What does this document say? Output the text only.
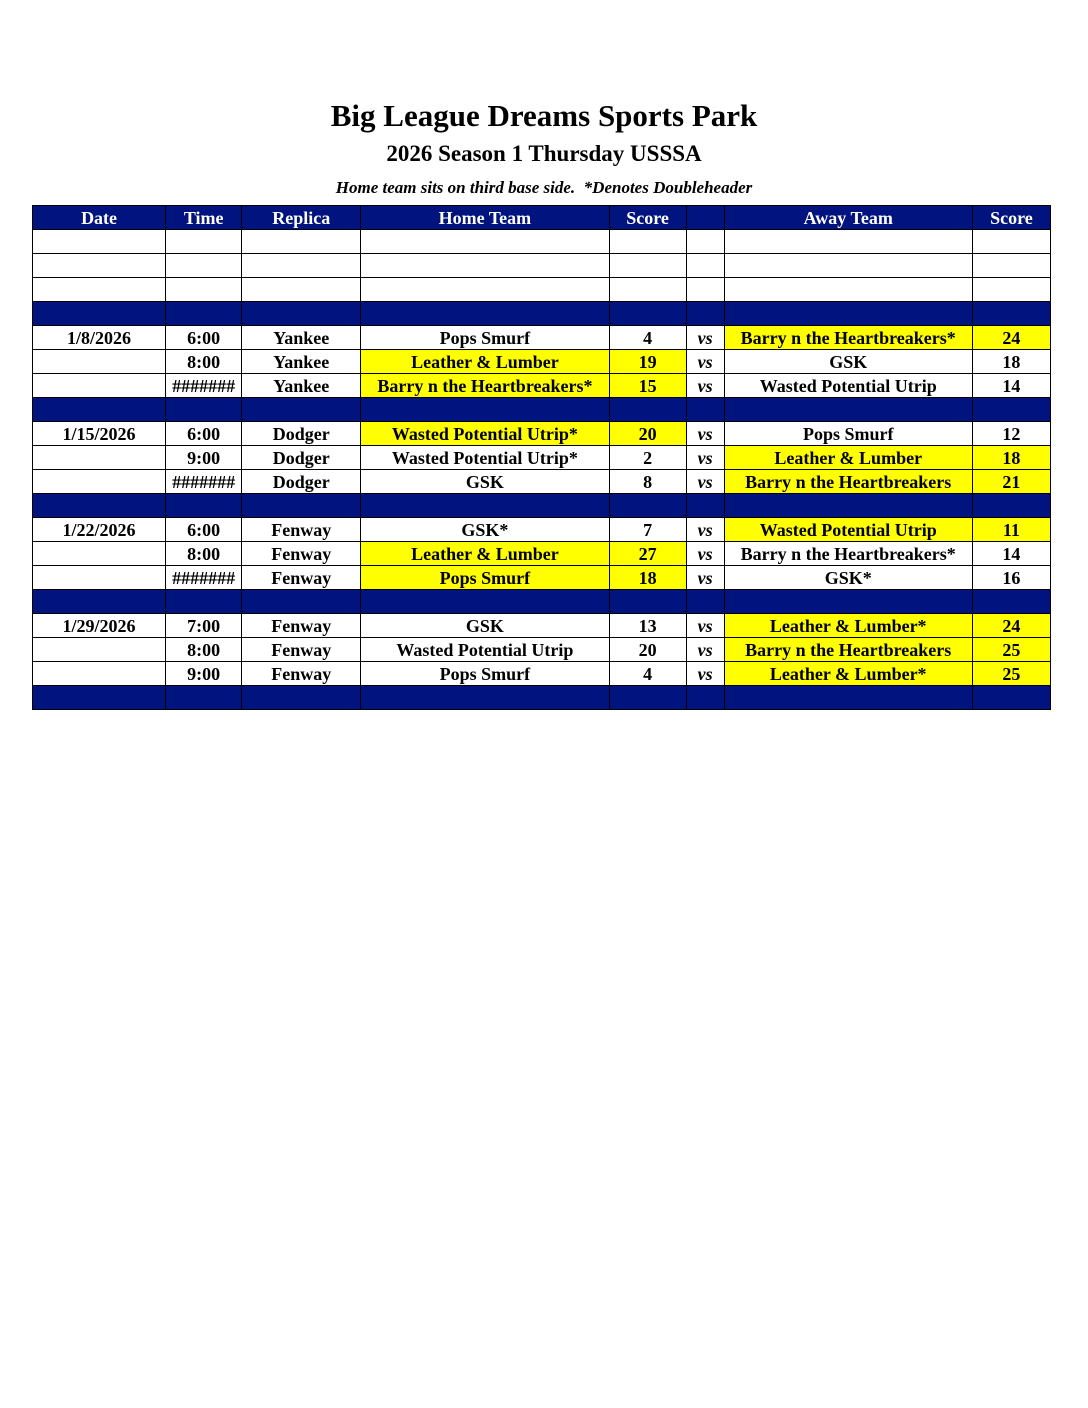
Big League Dreams Sports Park
2026 Season 1 Thursday USSSA
Home team sits on third base side.  *Denotes Doubleheader
Date	Time	Replica	Home Team	Score		Away Team	Score

1/8/2026	6:00	Yankee	Pops Smurf	4	vs	Barry n the Heartbreakers*	24
	8:00	Yankee	Leather & Lumber	19	vs	GSK	18
	#######	Yankee	Barry n the Heartbreakers*	15	vs	Wasted Potential Utrip	14

1/15/2026	6:00	Dodger	Wasted Potential Utrip*	20	vs	Pops Smurf	12
	9:00	Dodger	Wasted Potential Utrip*	2	vs	Leather & Lumber	18
	#######	Dodger	GSK	8	vs	Barry n the Heartbreakers	21

1/22/2026	6:00	Fenway	GSK*	7	vs	Wasted Potential Utrip	11
	8:00	Fenway	Leather & Lumber	27	vs	Barry n the Heartbreakers*	14
	#######	Fenway	Pops Smurf	18	vs	GSK*	16

1/29/2026	7:00	Fenway	GSK	13	vs	Leather & Lumber*	24
	8:00	Fenway	Wasted Potential Utrip	20	vs	Barry n the Heartbreakers	25
	9:00	Fenway	Pops Smurf	4	vs	Leather & Lumber*	25
